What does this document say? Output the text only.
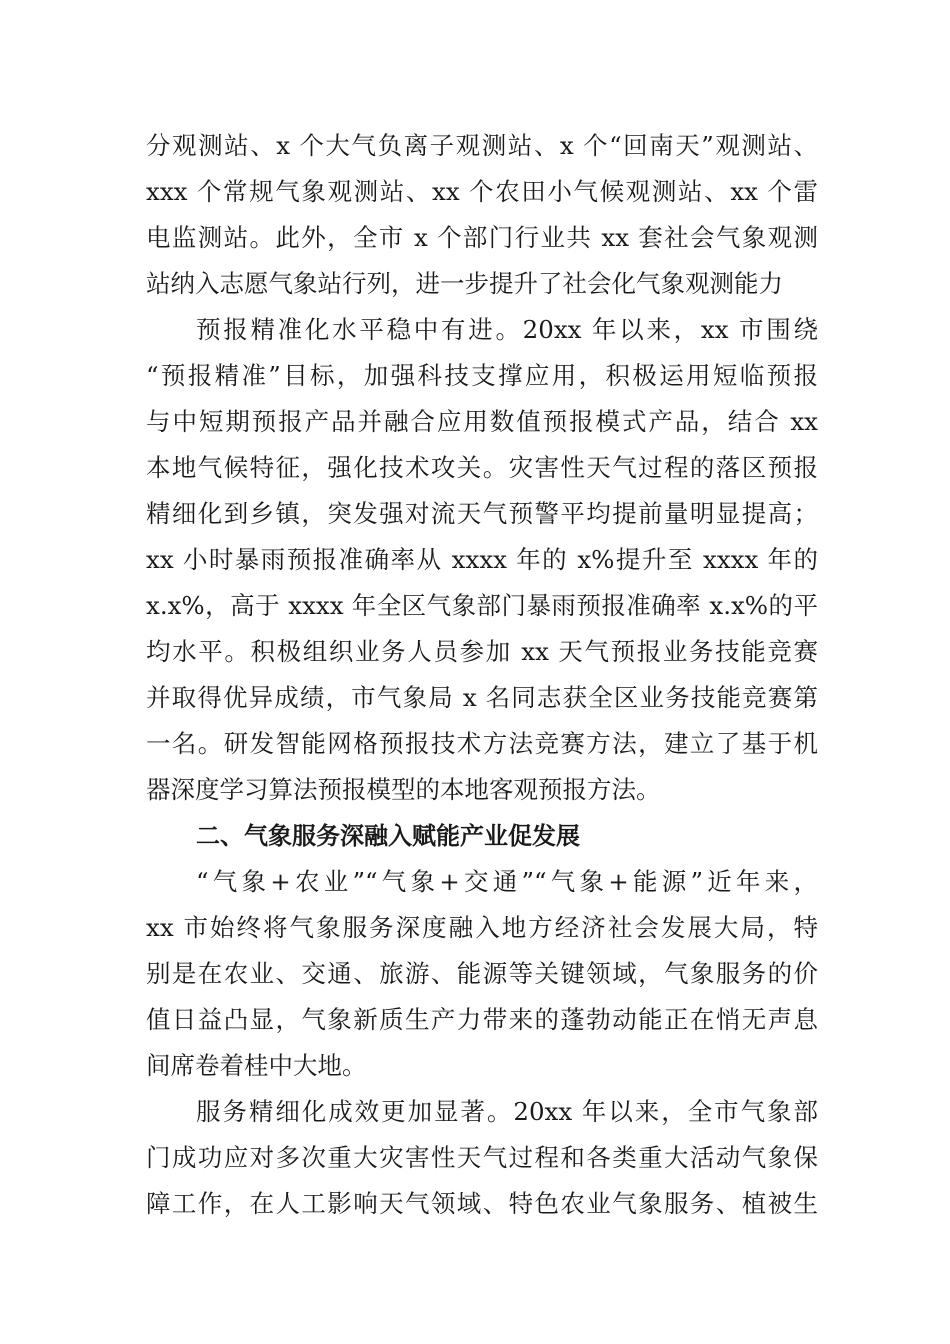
分观测站、x 个大气负离子观测站、x 个“回南天”观测站、
xxx 个常规气象观测站、xx 个农田小气候观测站、xx 个雷
电监测站。此外，全市 x 个部门行业共 xx 套社会气象观测
站纳入志愿气象站行列，进一步提升了社会化气象观测能力
预报精准化水平稳中有进。20xx 年以来，xx 市围绕
“预报精准”目标，加强科技支撑应用，积极运用短临预报
与中短期预报产品并融合应用数值预报模式产品，结合 xx
本地气候特征，强化技术攻关。灾害性天气过程的落区预报
精细化到乡镇，突发强对流天气预警平均提前量明显提高；
xx 小时暴雨预报准确率从 xxxx 年的 x%提升至 xxxx 年的
x.x%，高于 xxxx 年全区气象部门暴雨预报准确率 x.x%的平
均水平。积极组织业务人员参加 xx 天气预报业务技能竞赛
并取得优异成绩，市气象局 x 名同志获全区业务技能竞赛第
一名。研发智能网格预报技术方法竞赛方法，建立了基于机
器深度学习算法预报模型的本地客观预报方法。
二、气象服务深融入赋能产业促发展
“气象+农业”“气象+交通”“气象+能源”近年来，
xx 市始终将气象服务深度融入地方经济社会发展大局，特
别是在农业、交通、旅游、能源等关键领域，气象服务的价
值日益凸显，气象新质生产力带来的蓬勃动能正在悄无声息
间席卷着桂中大地。
服务精细化成效更加显著。20xx 年以来，全市气象部
门成功应对多次重大灾害性天气过程和各类重大活动气象保
障工作，在人工影响天气领域、特色农业气象服务、植被生
